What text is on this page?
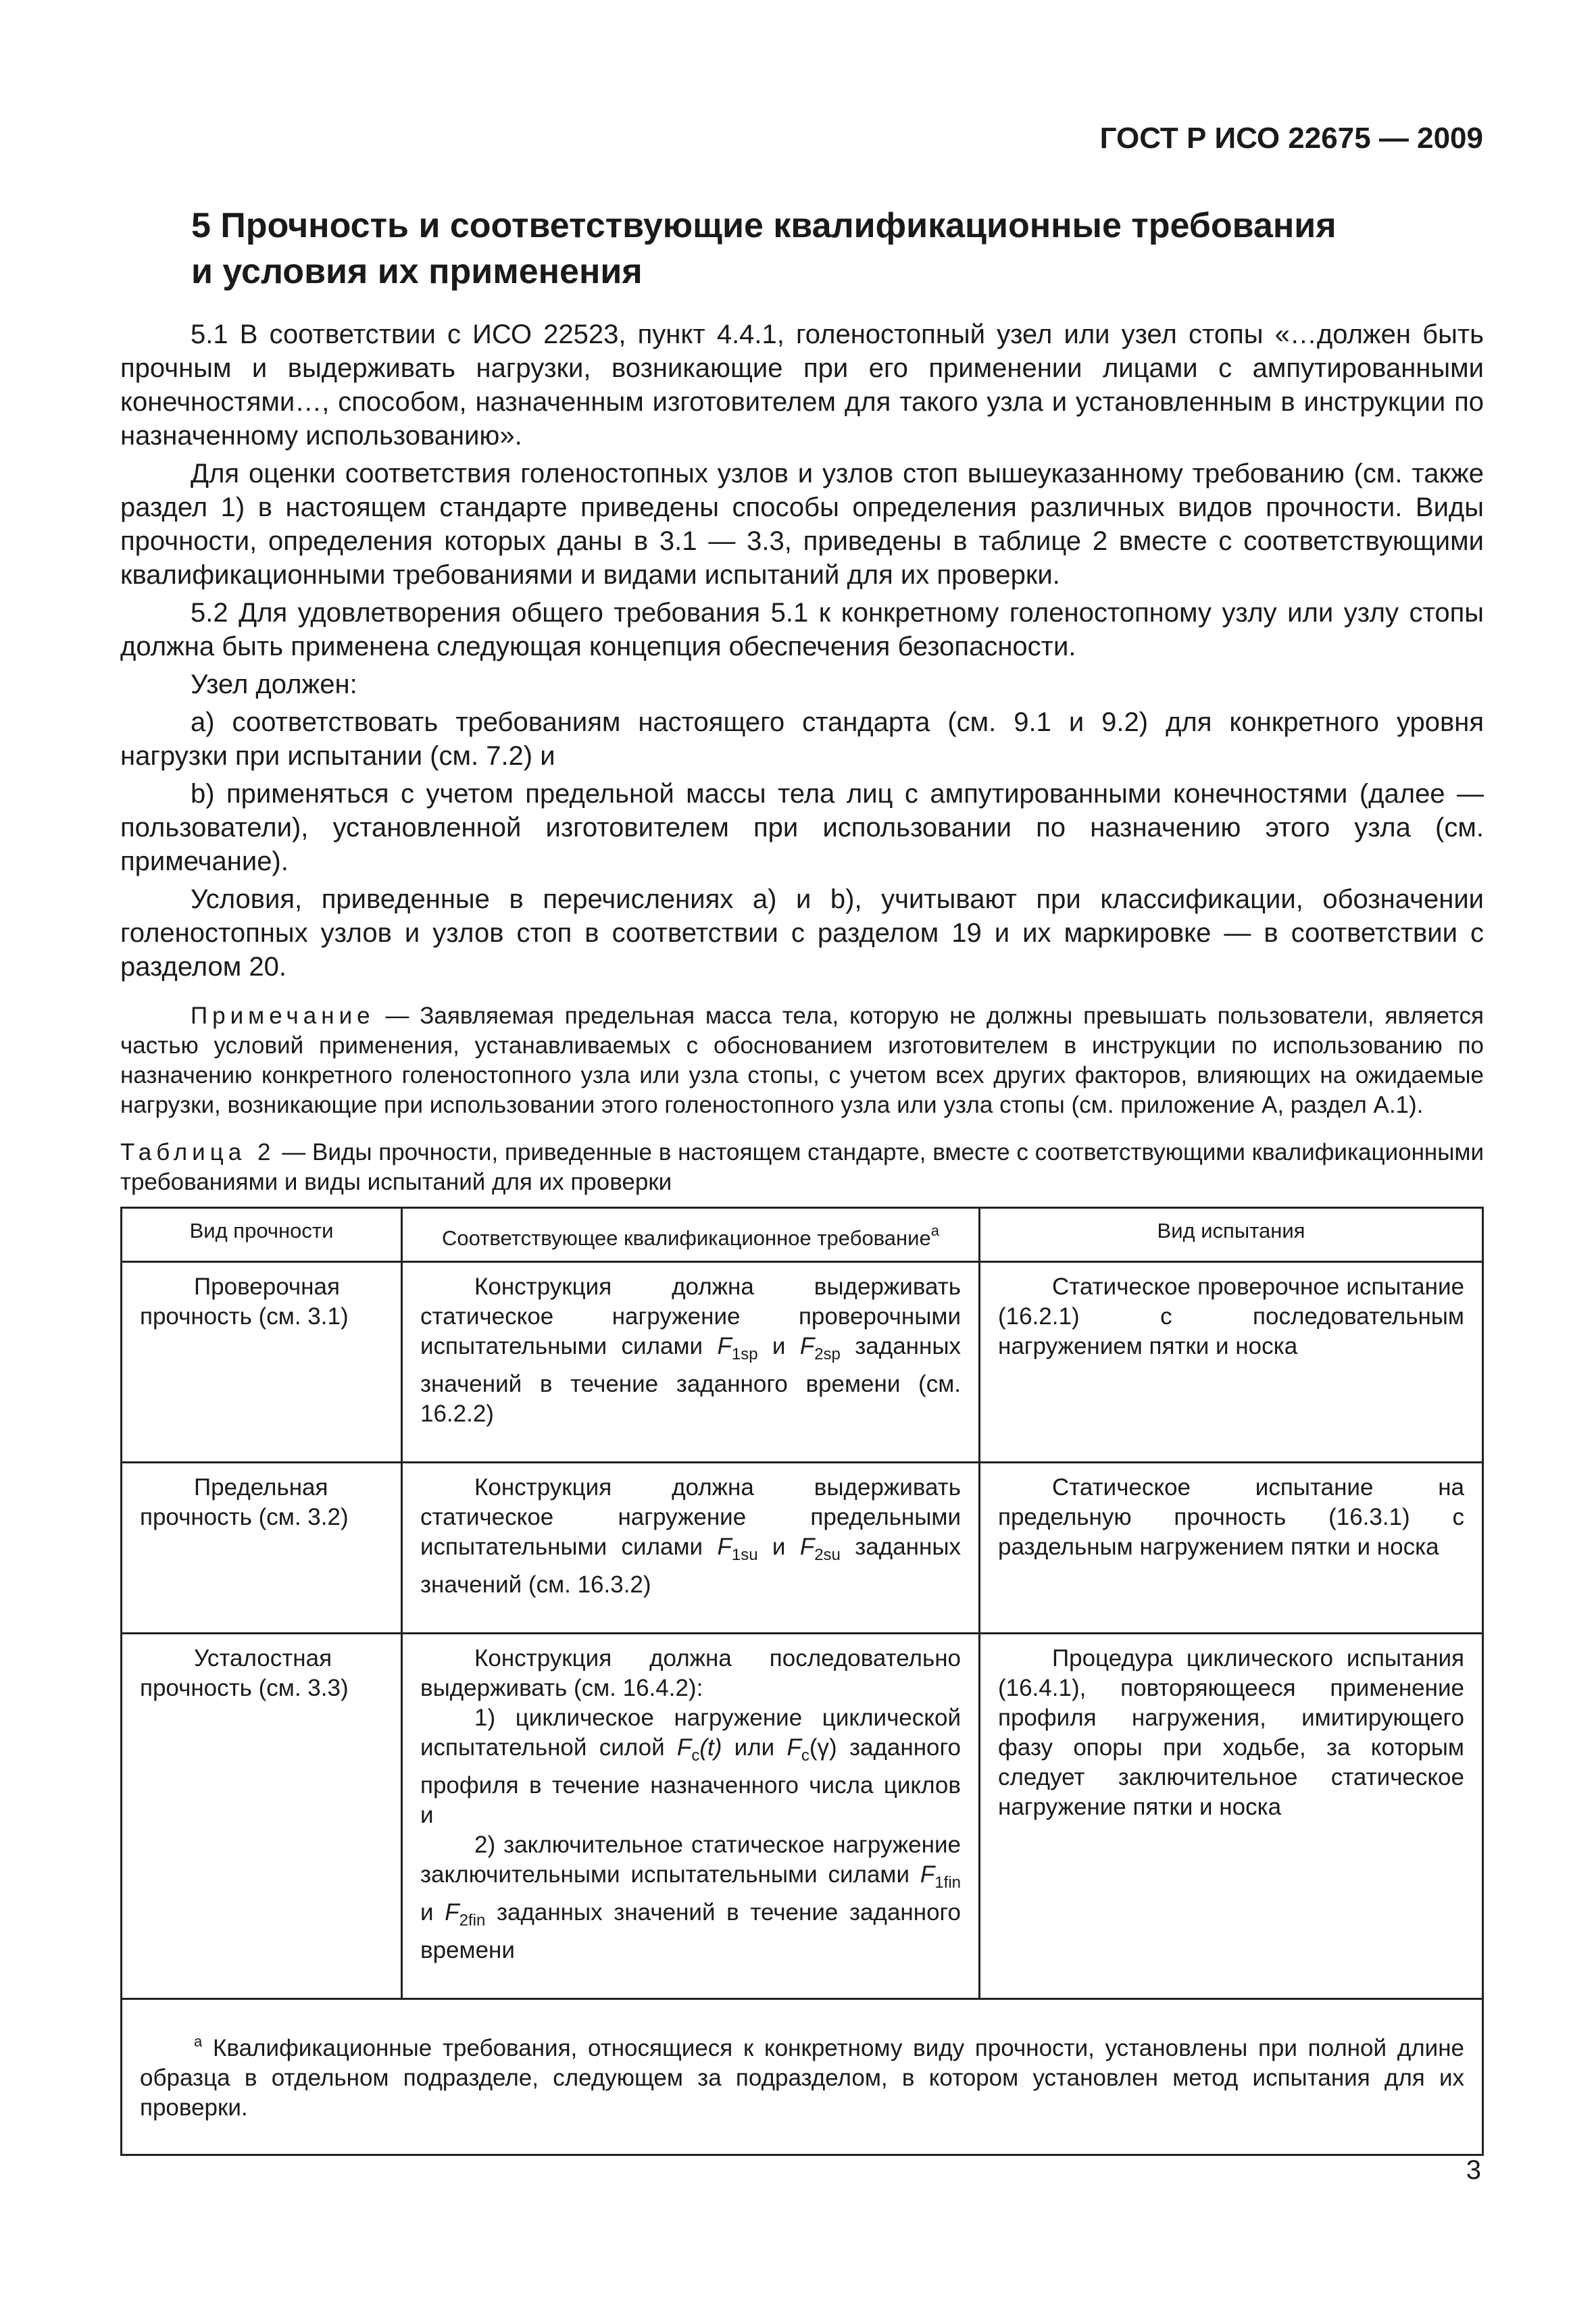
ГОСТ Р ИСО 22675 — 2009
5 Прочность и соответствующие квалификационные требования
и условия их применения

5.1 В соответствии с ИСО 22523, пункт 4.4.1, голеностопный узел или узел стопы «…должен быть прочным и выдерживать нагрузки, возникающие при его применении лицами с ампутированными конечностями…, способом, назначенным изготовителем для такого узла и установленным в инструкции по назначенному использованию».

Для оценки соответствия голеностопных узлов и узлов стоп вышеуказанному требованию (см. также раздел 1) в настоящем стандарте приведены способы определения различных видов прочности. Виды прочности, определения которых даны в 3.1 — 3.3, приведены в таблице 2 вместе с соответствующими квалификационными требованиями и видами испытаний для их проверки.

5.2 Для удовлетворения общего требования 5.1 к конкретному голеностопному узлу или узлу стопы должна быть применена следующая концепция обеспечения безопасности.

Узел должен:

a) соответствовать требованиям настоящего стандарта (см. 9.1 и 9.2) для конкретного уровня нагрузки при испытании (см. 7.2) и

b) применяться с учетом предельной массы тела лиц с ампутированными конечностями (далее — пользователи), установленной изготовителем при использовании по назначению этого узла (см. примечание).

Условия, приведенные в перечислениях a) и b), учитывают при классификации, обозначении голеностопных узлов и узлов стоп в соответствии с разделом 19 и их маркировке — в соответствии с разделом 20.

Примечание — Заявляемая предельная масса тела, которую не должны превышать пользователи, является частью условий применения, устанавливаемых с обоснованием изготовителем в инструкции по использованию по назначению конкретного голеностопного узла или узла стопы, с учетом всех других факторов, влияющих на ожидаемые нагрузки, возникающие при использовании этого голеностопного узла или узла стопы (см. приложение А, раздел А.1).

Таблица 2 — Виды прочности, приведенные в настоящем стандарте, вместе с соответствующими квалификационными требованиями и виды испытаний для их проверки

Вид прочности	Соответствующее квалификационное требование$^a$	Вид испытания

Проверочная прочность (см. 3.1)	Конструкция должна выдерживать статическое нагружение проверочными испытательными силами $F_{1sp}$ и $F_{2sp}$ заданных значений в течение заданного времени (см. 16.2.2)	Статическое проверочное испытание (16.2.1) с последовательным нагружением пятки и носка

Предельная прочность (см. 3.2)	Конструкция должна выдерживать статическое нагружение предельными испытательными силами $F_{1su}$ и $F_{2su}$ заданных значений (см. 16.3.2)	Статическое испытание на предельную прочность (16.3.1) с раздельным нагружением пятки и носка

Усталостная прочность (см. 3.3)	Конструкция должна последовательно выдерживать (см. 16.4.2):
1) циклическое нагружение циклической испытательной силой $F_c(t)$ или $F_c(\gamma)$ заданного профиля в течение назначенного числа циклов и
2) заключительное статическое нагружение заключительными испытательными силами $F_{1fin}$ и $F_{2fin}$ заданных значений в течение заданного времени	Процедура циклического испытания (16.4.1), повторяющееся применение профиля нагружения, имитирующего фазу опоры при ходьбе, за которым следует заключительное статическое нагружение пятки и носка

$^a$ Квалификационные требования, относящиеся к конкретному виду прочности, установлены при полной длине образца в отдельном подразделе, следующем за подразделом, в котором установлен метод испытания для их проверки.		
3
